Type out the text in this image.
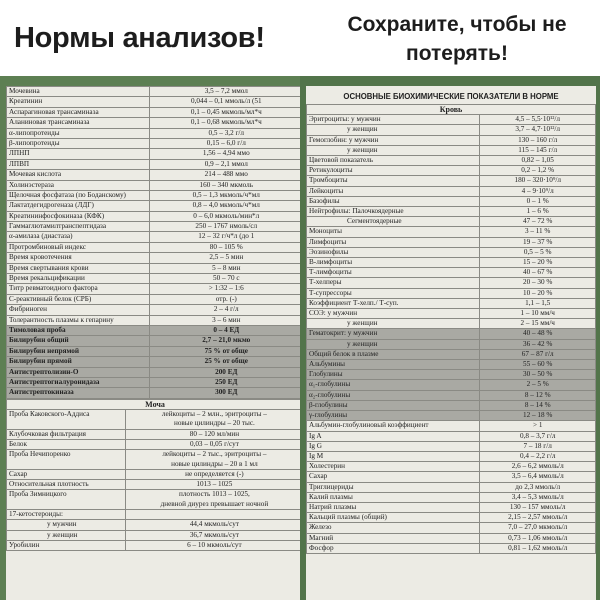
Нормы анализов!	Сохраните, чтобы не
потерять!
Мочевина	3,5 – 7,2 ммол
Креатинин	0,044 – 0,1 ммоль/л (51
Аспарагиновая трансаминаза	0,1 – 0,45 мкмоль/мл*ч
Аланиновая трансаминаза	0,1 – 0,68 мкмоль/мл*ч
α-липопротеиды	0,5 – 3,2 г/л
β-липопротеиды	0,15 – 6,0 г/л
ЛПНП	1,56 – 4,94 ммо
ЛПВП	0,9 – 2,1 ммол
Мочевая кислота	214 – 488 ммо
Холинэстераза	160 – 340 мкмоль
Щелочная фосфатаза (по Боданскому)	0,5 – 1,3 мкмоль/ч*мл
Лактатдегидрогеназа (ЛДГ)	0,8 – 4,0 мкмоль/ч*мл
Креатининфосфокиназа (КФК)	0 – 6,0 мкмоль/мин*л
Гаммаглютамилтранспептидаза	250 – 1767 нмоль/сл
α-амилаза (диастаза)	12 – 32 г/ч*л (до 1
Протромбиновый индекс	80 – 105 %
Время кровотечения	2,5 – 5 мин
Время свертывания крови	5 – 8 мин
Время рекальцификации	50 – 70 с
Титр ревматоидного фактора	> 1:32 – 1:6
С-реактивный белок (СРБ)	отр. (-)
Фибриноген	2 – 4 г/л
Толерантность плазмы к гепарину	3 – 6 мин
Тимоловая проба	0 – 4 ЕД
Билирубин общий	2,7 – 21,0 мкмо
Билирубин непрямой	75 % от обще
Билирубин прямой	25 % от обще
Антистрептолизин-О	200 ЕД
Антистрептогиалуронидаза	250 ЕД
Антистрептокиназа	300 ЕД
Моча	
Проба Каковского-Аддиса	лейкоциты – 2 млн., эритроциты –
новые цилиндры – 20 тыс.

Клубочковая фильтрация	80 – 120 мл/мин

Белок	0,03 – 0,05 г/сут

Проба Нечипоренко	лейкоциты – 2 тыс., эритроциты –
новые цилиндры – 20 в 1 мл

Сахар	не определяется (-)

Относительная плотность	1013 – 1025

Проба Зимницкого	плотность 1013 – 1025,
дневной диурез превышает ночной

17-кетостероиды:	

у мужчин	44,4 мкмоль/сут

у женщин	36,7 мкмоль/сут

Уробилин	6 – 10 мкмоль/сут
ОСНОВНЫЕ БИОХИМИЧЕСКИЕ ПОКАЗАТЕЛИ В НОРМЕ
Кровь	
Эритроциты: у мужчин	4,5 – 5,5·10¹²/л
у женщин	3,7 – 4,7·10¹²/л
Гемоглобин: у мужчин	130 – 160 г/л
у женщин	115 – 145 г/л
Цветовой показатель	0,82 – 1,05
Ретикулоциты	0,2 – 1,2 %
Тромбоциты	180 – 320·10⁹/л
Лейкоциты	4 – 9·10⁹/л
Базофилы	0 – 1 %
Нейтрофилы: Палочкоядерные	1 – 6 %
Сегментоядерные	47 – 72 %
Моноциты	3 – 11 %
Лимфоциты	19 – 37 %
Эозинофилы	0,5 – 5 %
В-лимфоциты	15 – 20 %
Т-лимфоциты	40 – 67 %
Т-хелперы	20 – 30 %
Т-супрессоры	10 – 20 %
Коэффициент Т-хелп./ Т-суп.	1,1 – 1,5
СОЭ: у мужчин	1 – 10 мм/ч
у женщин	2 – 15 мм/ч
Гематокрит: у мужчин	40 – 48 %
у женщин	36 – 42 %
Общий белок в плазме	67 – 87 г/л
Альбумины	55 – 60 %
Глобулины	30 – 50 %
α₁-глобулины	2 – 5 %
α₂-глобулины	8 – 12 %
β-глобулины	8 – 14 %
γ-глобулины	12 – 18 %
Альбумин-глобулиновый коэффициент	> 1
Ig A	0,8 – 3,7 г/л
Ig G	7 – 18 г/л
Ig M	0,4 – 2,2 г/л
Холестерин	2,6 – 6,2 ммоль/л
Сахар	3,5 – 6,4 ммоль/л
Триглицериды	до 2,3 ммоль/л
Калий плазмы	3,4 – 5,3 ммоль/л
Натрий плазмы	130 – 157 ммоль/л
Кальций плазмы (общий)	2,15 – 2,57 ммоль/л
Железо	7,0 – 27,0 мкмоль/л
Магний	0,73 – 1,06 ммоль/л
Фосфор	0,81 – 1,62 ммоль/л
